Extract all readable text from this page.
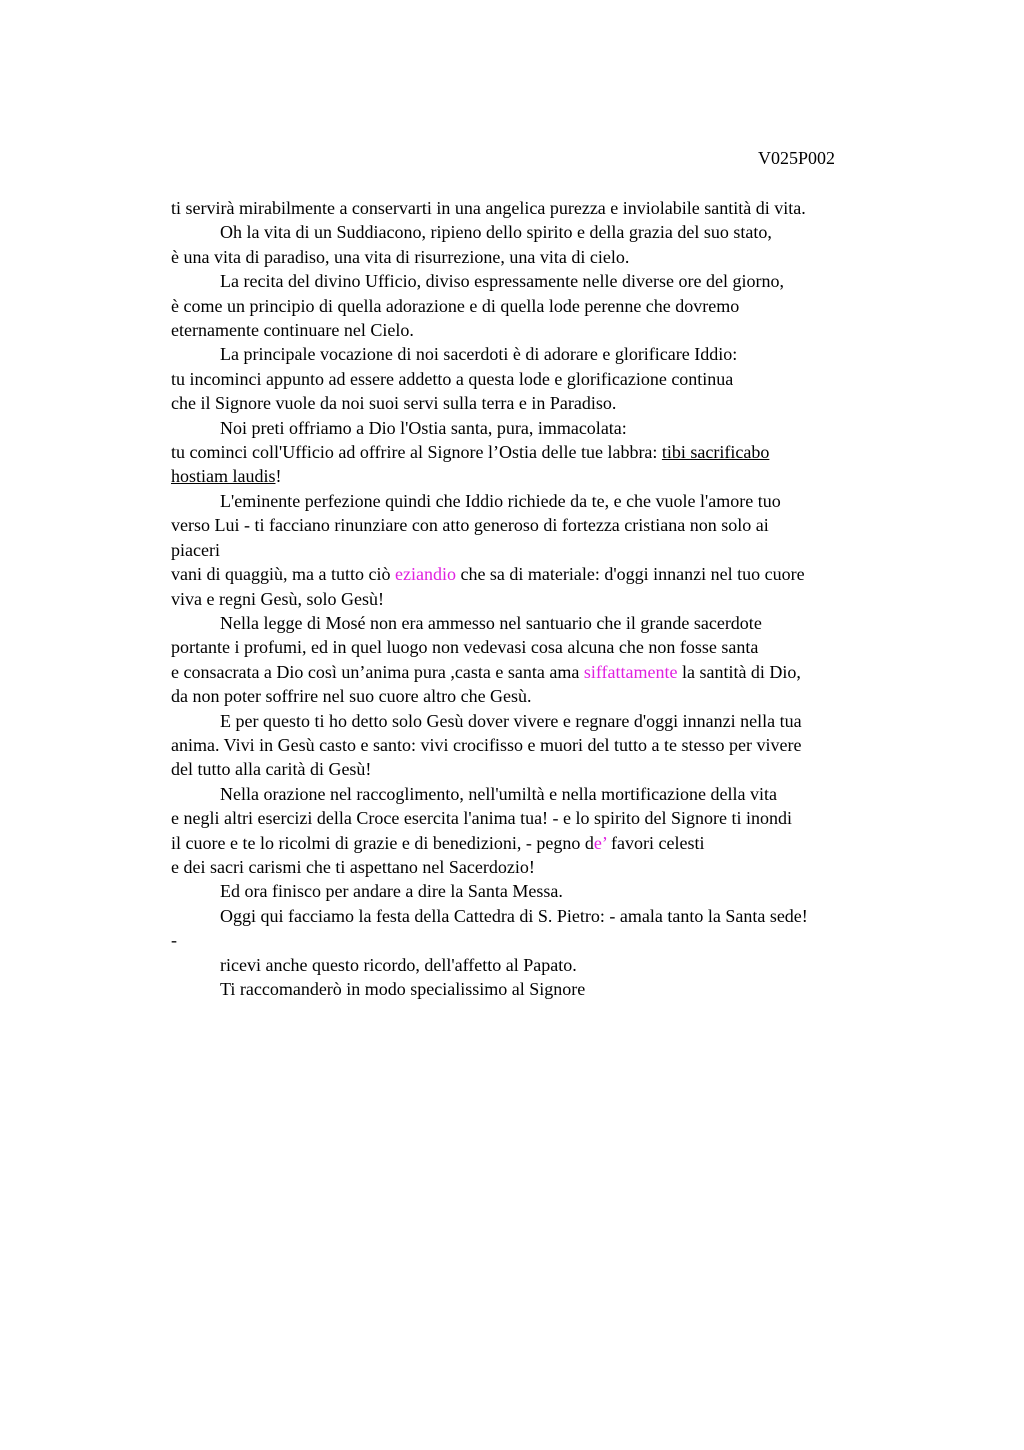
V025P002
ti servirà mirabilmente a conservarti in una angelica purezza e inviolabile santità di vita.
Oh la vita di un Suddiacono, ripieno dello spirito e della grazia del suo stato,
è una vita di paradiso, una vita di risurrezione, una vita di cielo.
La recita del divino Ufficio, diviso espressamente nelle diverse ore del giorno,
è come un principio di quella adorazione e di quella lode perenne che dovremo
eternamente continuare nel Cielo.
La principale vocazione di noi sacerdoti è di adorare e glorificare Iddio:
tu incominci appunto ad essere addetto a questa lode e glorificazione continua
che il Signore vuole da noi suoi servi sulla terra e in Paradiso.
Noi preti offriamo a Dio l'Ostia santa, pura, immacolata:
tu cominci coll'Ufficio ad offrire al Signore l’Ostia delle tue labbra: tibi sacrificabo
hostiam laudis!
L'eminente perfezione quindi che Iddio richiede da te, e che vuole l'amore tuo
verso Lui - ti facciano rinunziare con atto generoso di fortezza cristiana non solo ai
piaceri
vani di quaggiù, ma a tutto ciò eziandio che sa di materiale: d'oggi innanzi nel tuo cuore
viva e regni Gesù, solo Gesù!
Nella legge di Mosé non era ammesso nel santuario che il grande sacerdote
portante i profumi, ed in quel luogo non vedevasi cosa alcuna che non fosse santa
e consacrata a Dio così un’anima pura ,casta e santa ama siffattamente la santità di Dio,
da non poter soffrire nel suo cuore altro che Gesù.
E per questo ti ho detto solo Gesù dover vivere e regnare d'oggi innanzi nella tua
anima. Vivi in Gesù casto e santo: vivi crocifisso e muori del tutto a te stesso per vivere
del tutto alla carità di Gesù!
Nella orazione nel raccoglimento, nell'umiltà e nella mortificazione della vita
e negli altri esercizi della Croce esercita l'anima tua! - e lo spirito del Signore ti inondi
il cuore e te lo ricolmi di grazie e di benedizioni, - pegno de’ favori celesti
e dei sacri carismi che ti aspettano nel Sacerdozio!
Ed ora finisco per andare a dire la Santa Messa.
Oggi qui facciamo la festa della Cattedra di S. Pietro: - amala tanto la Santa sede!
-
ricevi anche questo ricordo, dell'affetto al Papato.
Ti raccomanderò in modo specialissimo al Signore
